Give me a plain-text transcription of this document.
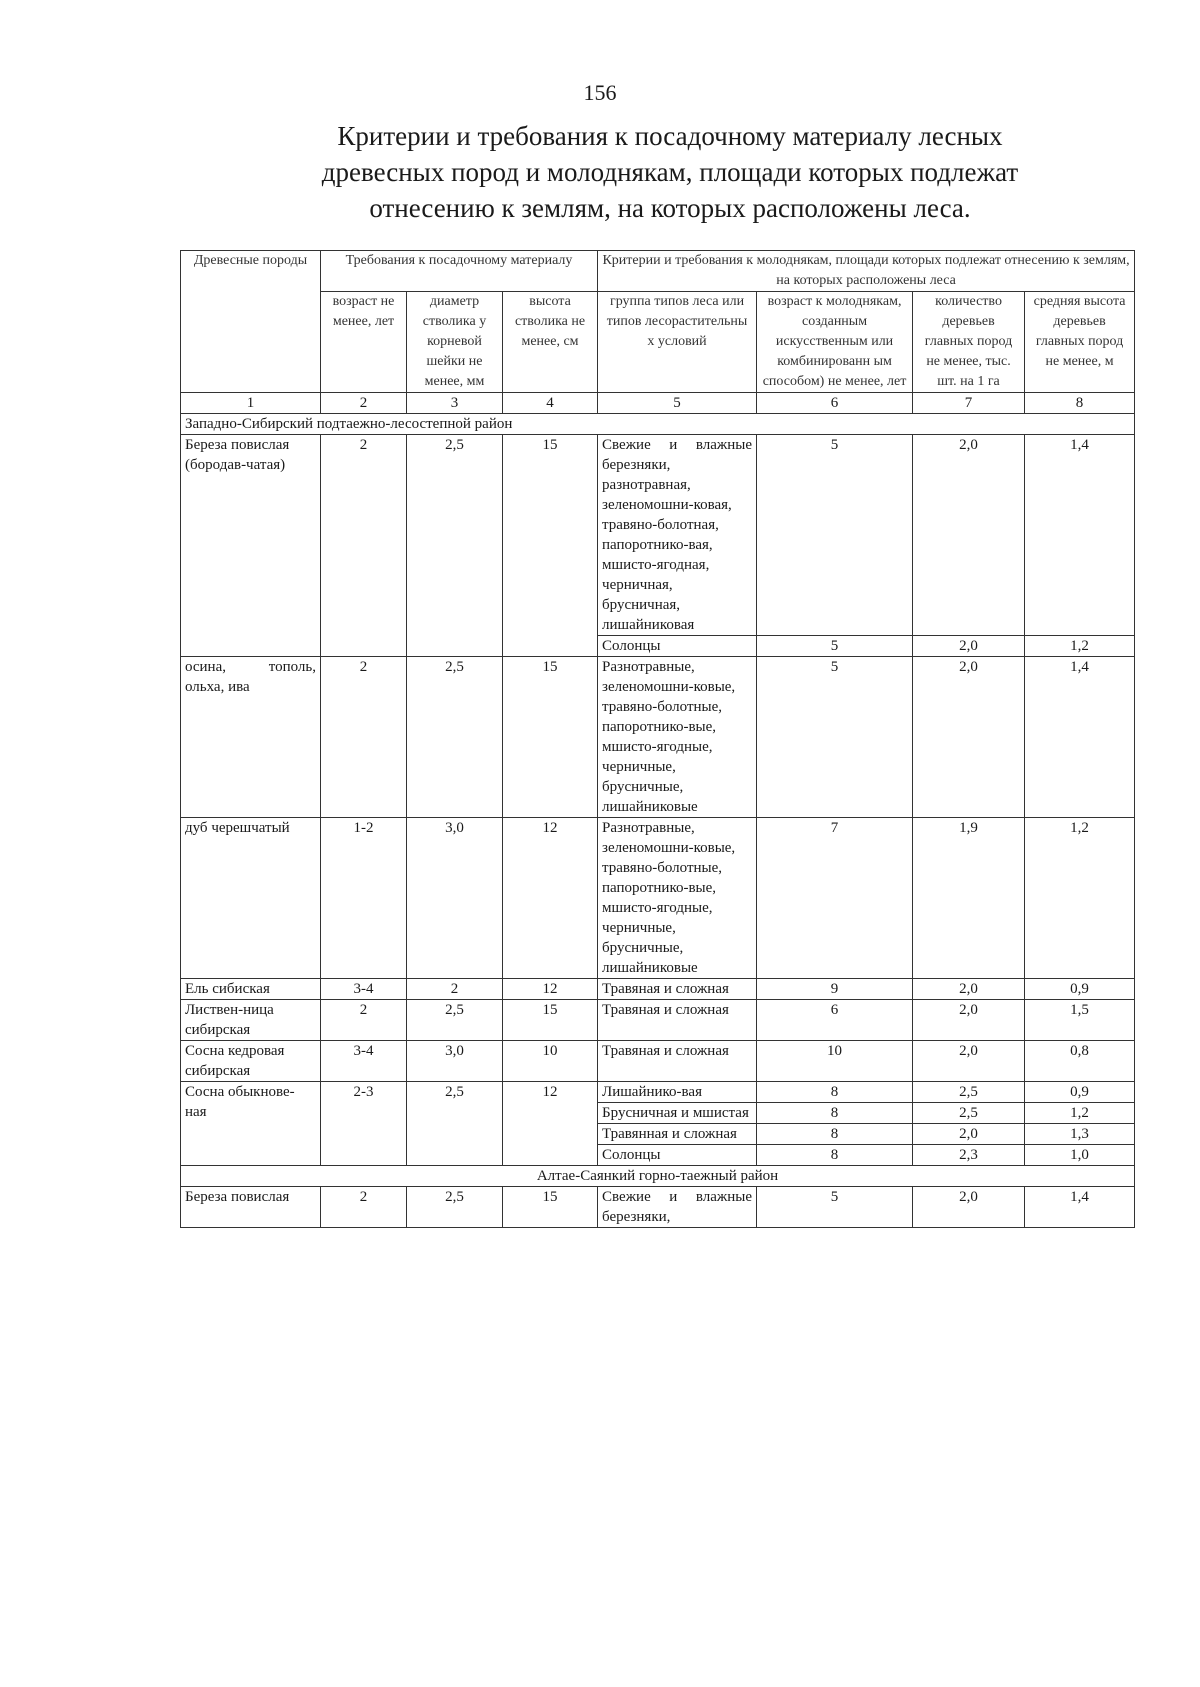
156
Критерии и требования к посадочному материалу лесных
древесных пород и молоднякам, площади которых подлежат
отнесению к землям, на которых расположены леса.
Древесные породы	Требования к посадочному материалу			Критерии и требования к молоднякам, площади которых подлежат отнесению к землям, на которых расположены леса			
	возраст не менее, лет	диаметр стволика у корневой шейки не менее, мм	высота стволика не менее, см	группа типов леса или типов лесорастительны х условий	возраст к молоднякам, созданным искусственным или комбинированн ым способом) не менее, лет	количество деревьев главных пород не менее, тыс. шт. на 1 га	средняя высота деревьев главных пород не менее, м
1	2	3	4	5	6	7	8
Западно-Сибирский подтаежно-лесостепной район							
Береза повислая (бородав-чатая)	2	2,5	15	Свежие и влажные березняки, разнотравная, зеленомошни-ковая, травяно-болотная, папоротнико-вая, мшисто-ягодная, черничная, брусничная, лишайниковая	5	2,0	1,4
				Солонцы	5	2,0	1,2
осина, тополь, ольха, ива	2	2,5	15	Разнотравные, зеленомошни-ковые, травяно-болотные, папоротнико-вые, мшисто-ягодные, черничные, брусничные, лишайниковые	5	2,0	1,4
дуб черешчатый	1-2	3,0	12	Разнотравные, зеленомошни-ковые, травяно-болотные, папоротнико-вые, мшисто-ягодные, черничные, брусничные, лишайниковые	7	1,9	1,2
Ель сибиская	3-4	2	12	Травяная и сложная	9	2,0	0,9
Листвен-ница сибирская	2	2,5	15	Травяная и сложная	6	2,0	1,5
Сосна кедровая сибирская	3-4	3,0	10	Травяная и сложная	10	2,0	0,8
Сосна обыкнове-ная	2-3	2,5	12	Лишайнико-вая	8	2,5	0,9
				Брусничная и мшистая	8	2,5	1,2
				Травянная и сложная	8	2,0	1,3
				Солонцы	8	2,3	1,0
Алтае-Саянкий горно-таежный район							
Береза повислая	2	2,5	15	Свежие и влажные березняки,	5	2,0	1,4
